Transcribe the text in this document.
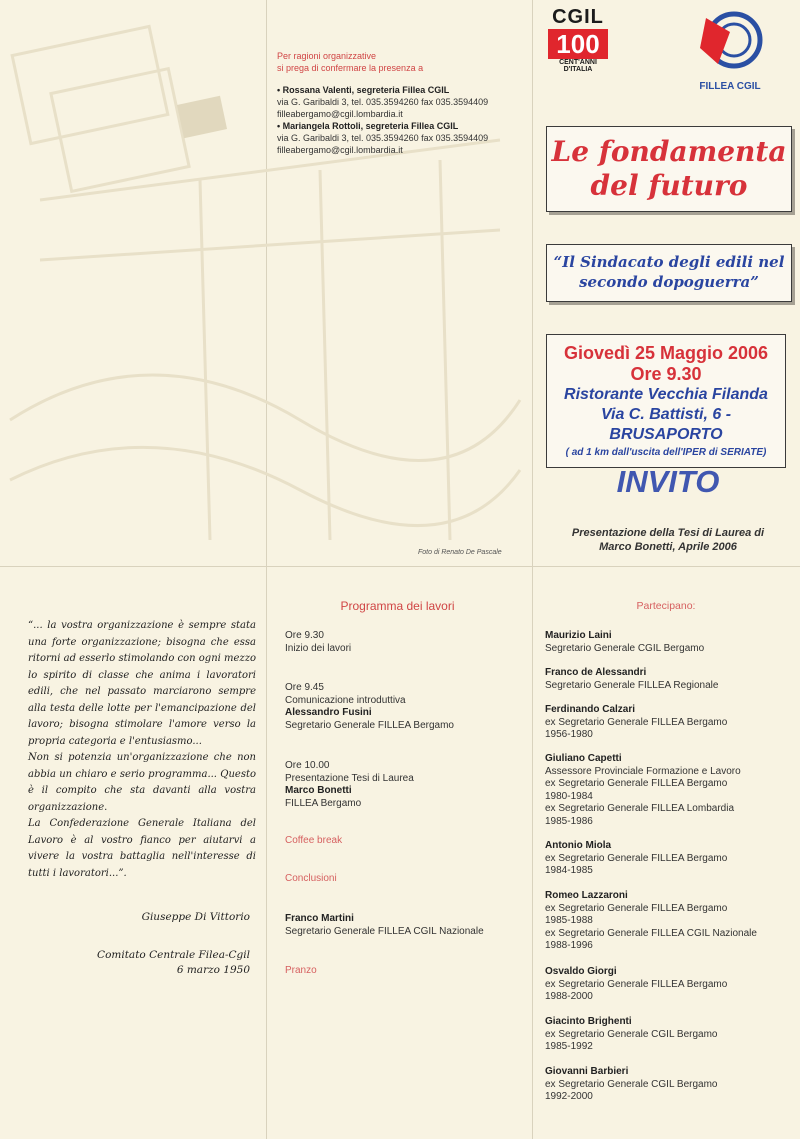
Per ragioni organizzative
si prega di confermare la presenza a
• Rossana Valenti, segreteria Fillea CGIL
via G. Garibaldi 3, tel. 035.3594260 fax 035.3594409
filleabergamo@cgil.lombardia.it
• Mariangela Rottoli, segreteria Fillea CGIL
via G. Garibaldi 3, tel. 035.3594260 fax 035.3594409
filleabergamo@cgil.lombardia.it
Foto di Renato De Pascale
CGIL
100
CENT'ANNI D'ITALIA
FILLEA CGIL
Le fondamenta
del futuro
“Il Sindacato degli edili nel
secondo dopoguerra”
Giovedì 25 Maggio 2006
Ore 9.30
Ristorante Vecchia Filanda
Via C. Battisti, 6 - BRUSAPORTO
( ad 1 km dall'uscita dell'IPER di SERIATE)
INVITO
Presentazione della Tesi di Laurea di
Marco Bonetti, Aprile 2006

“... la vostra organizzazione è sempre stata una forte organizzazione; bisogna che essa ritorni ad esserlo stimolando con ogni mezzo lo spirito di classe che anima i lavoratori edili, che nel passato marciarono sempre alla testa delle lotte per l'emancipazione del lavoro; bisogna stimolare l'amore verso la propria categoria e l'entusiasmo...

Non si potenzia un'organizzazione che non abbia un chiaro e serio programma... Questo è il compito che sta davanti alla vostra organizzazione.

La Confederazione Generale Italiana del Lavoro è al vostro fianco per aiutarvi a vivere la vostra battaglia nell'interesse di tutti i lavoratori...”.

Giuseppe Di Vittorio
Comitato Centrale Filea-Cgil
6 marzo 1950
Programma dei lavori
Ore 9.30
Inizio dei lavori
Ore 9.45
Comunicazione introduttiva
Alessandro Fusini
Segretario Generale FILLEA Bergamo
Ore 10.00
Presentazione Tesi di Laurea
Marco Bonetti
FILLEA Bergamo
Coffee break
Conclusioni
Franco Martini
Segretario Generale FILLEA CGIL Nazionale
Pranzo
Partecipano:
Maurizio Laini
Segretario Generale CGIL Bergamo
Franco de Alessandri
Segretario Generale FILLEA Regionale
Ferdinando Calzari
ex Segretario Generale FILLEA Bergamo
1956-1980
Giuliano Capetti
Assessore Provinciale Formazione e Lavoro
ex Segretario Generale FILLEA Bergamo
1980-1984
ex Segretario Generale FILLEA Lombardia
1985-1986
Antonio Miola
ex Segretario Generale FILLEA Bergamo
1984-1985
Romeo Lazzaroni
ex Segretario Generale FILLEA Bergamo
1985-1988
ex Segretario Generale FILLEA CGIL Nazionale
1988-1996
Osvaldo Giorgi
ex Segretario Generale FILLEA Bergamo
1988-2000
Giacinto Brighenti
ex Segretario Generale CGIL Bergamo
1985-1992
Giovanni Barbieri
ex Segretario Generale CGIL Bergamo
1992-2000
